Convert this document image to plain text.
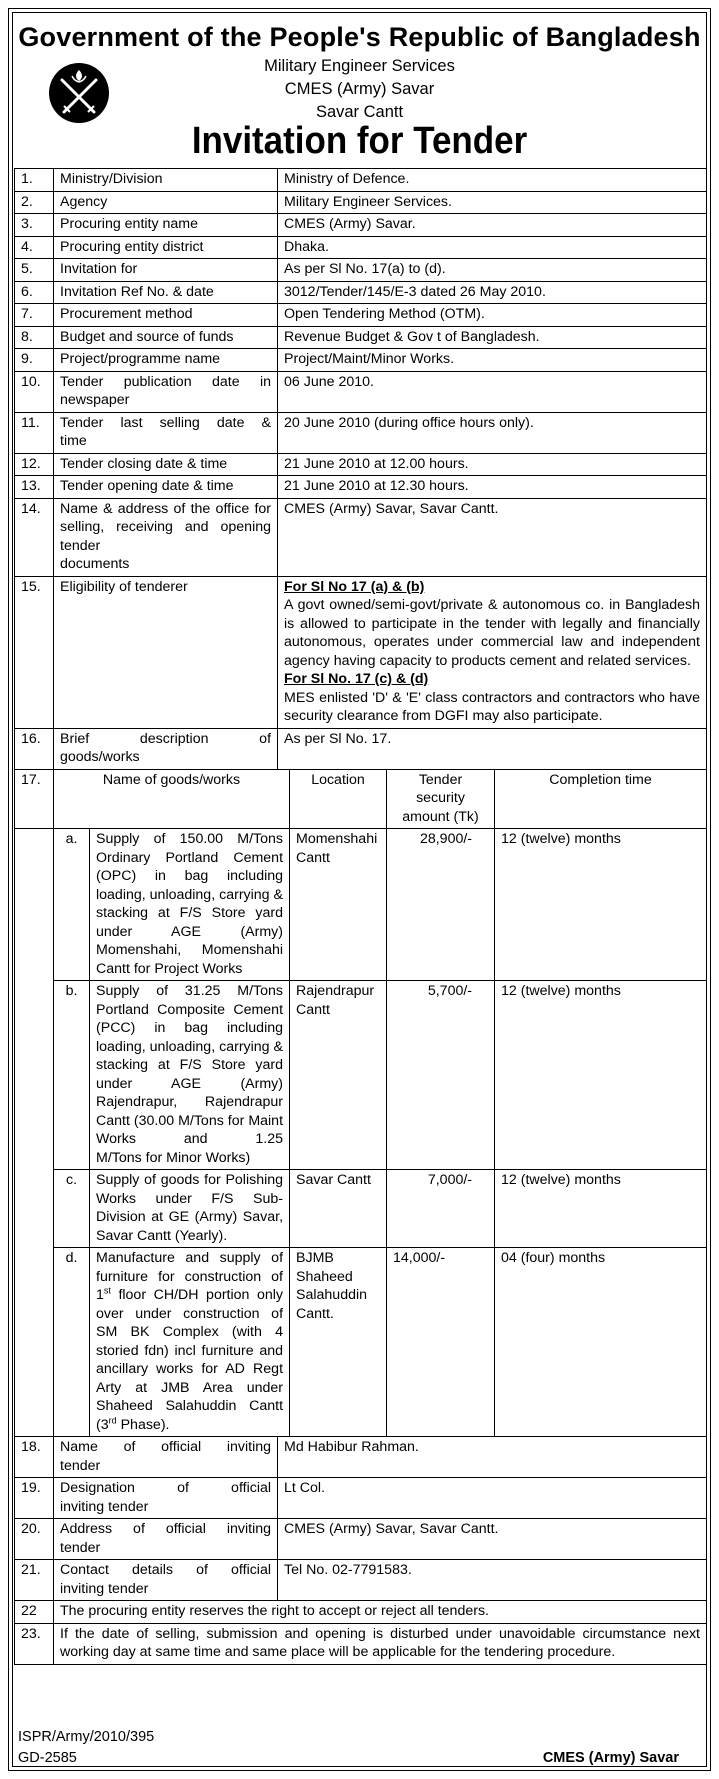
Government of the People's Republic of Bangladesh
Military Engineer Services
CMES (Army) Savar
Savar Cantt
Invitation for Tender
1.	Ministry/Division		Ministry of Defence.			
2.	Agency		Military Engineer Services.			
3.	Procuring entity name		CMES (Army) Savar.			
4.	Procuring entity district		Dhaka.			
5.	Invitation for		As per Sl No. 17(a) to (d).			
6.	Invitation Ref No. & date		3012/Tender/145/E-3 dated 26 May 2010.			
7.	Procurement method		Open Tendering Method (OTM).			
8.	Budget and source of funds		Revenue Budget & Gov t of Bangladesh.			
9.	Project/programme name		Project/Maint/Minor Works.			
10.	Tender publication date in
newspaper		06 June 2010.			
11.	Tender last selling date &
time		20 June 2010 (during office hours only).			
12.	Tender closing date & time		21 June 2010 at 12.00 hours.			
13.	Tender opening date & time		21 June 2010 at 12.30 hours.			
14.	Name & address of the office for selling, receiving and opening tender
documents		CMES (Army) Savar, Savar Cantt.			
15.	Eligibility of tenderer		For Sl No 17 (a) & (b)
A govt owned/semi-govt/private & autonomous co. in Bangladesh is allowed to participate in the tender with legally and financially autonomous, operates under commercial law and independent agency having capacity to products cement and related services.
For Sl No. 17 (c) & (d)
MES enlisted 'D' & 'E' class contractors and contractors who have security clearance from DGFI may also participate.			

16.	Brief description of
goods/works		As per Sl No. 17.			
17.	Name of goods/works			Location	Tender security amount (Tk)	Completion time
	a.	Supply of 150.00 M/Tons Ordinary Portland Cement (OPC) in bag including loading, unloading, carrying & stacking at F/S Store yard under AGE (Army) Momenshahi, Momenshahi
Cantt for Project Works		Momenshahi Cantt	28,900/-	12 (twelve) months
	b.	Supply of 31.25 M/Tons Portland Composite Cement (PCC) in bag including loading, unloading, carrying & stacking at F/S Store yard under AGE (Army) Rajendrapur, Rajendrapur Cantt (30.00 M/Tons for Maint Works and 1.25
M/Tons for Minor Works)		Rajendrapur Cantt	5,700/-	12 (twelve) months
	c.	Supply of goods for Polishing Works under F/S Sub-Division at GE (Army) Savar,
Savar Cantt (Yearly).		Savar Cantt	7,000/-	12 (twelve) months
	d.	Manufacture and supply of furniture for construction of 1st floor CH/DH portion only over under construction of SM BK Complex (with 4 storied fdn) incl furniture and ancillary works for AD Regt Arty at JMB Area under Shaheed Salahuddin Cantt (3rd Phase).		BJMB Shaheed Salahuddin Cantt.	14,000/-	04 (four) months
18.	Name of official inviting
tender		Md Habibur Rahman.			
19.	Designation of official
inviting tender		Lt Col.			
20.	Address of official inviting
tender		CMES (Army) Savar, Savar Cantt.			
21.	Contact details of official
inviting tender		Tel No. 02-7791583.			
22	The procuring entity reserves the right to accept or reject all tenders.					
23.	If the date of selling, submission and opening is disturbed under unavoidable circumstance next working day at same time and same place will be applicable for the tendering procedure.					
ISPR/Army/2010/395
GD-2585	CMES (Army) Savar
